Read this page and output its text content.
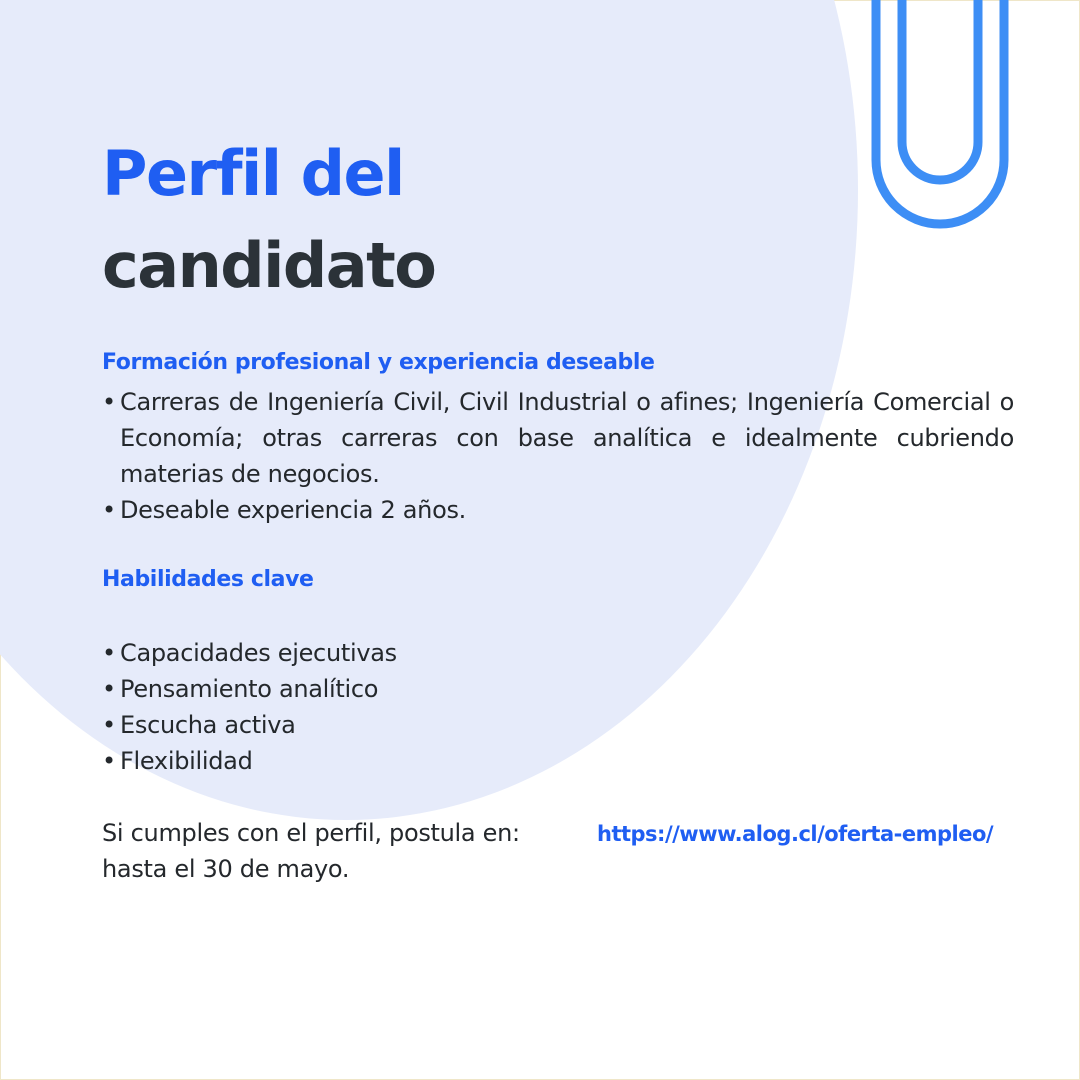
Perfil del
candidato
Formación profesional y experiencia deseable
• Carreras de Ingeniería Civil, Civil Industrial o afines; Ingeniería Comercial o Economía; otras carreras con base analítica e idealmente cubriendo materias de negocios.
• Deseable experiencia 2 años.
Habilidades clave
• Capacidades ejecutivas
• Pensamiento analítico
• Escucha activa
• Flexibilidad

Si cumples con el perfil, postula en:
hasta el 30 de mayo.

https://www.alog.cl/oferta-empleo/
